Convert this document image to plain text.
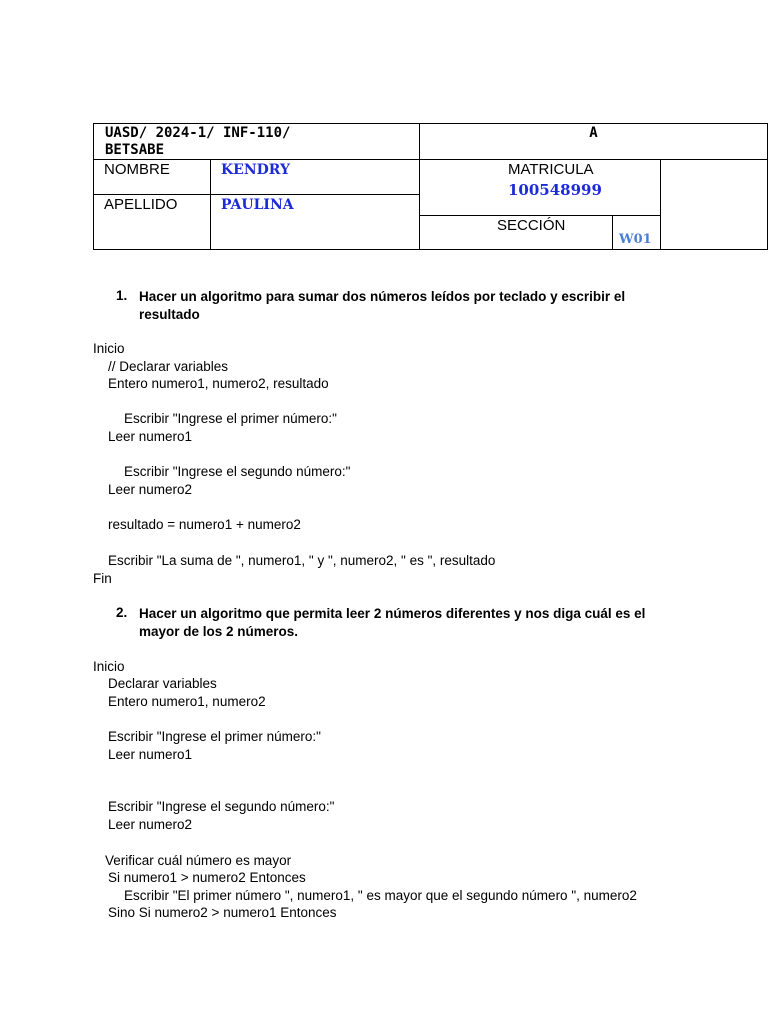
UASD/ 2024-1/ INF-110/
BETSABE
A
NOMBRE	KENDRY
APELLIDO	PAULINA
MATRICULA
100548999
SECCIÓN
W01
1. Hacer un algoritmo para sumar dos números leídos por teclado y escribir el resultado
Inicio
// Declarar variables
Entero numero1, numero2, resultado
Escribir "Ingrese el primer número:"
Leer numero1
Escribir "Ingrese el segundo número:"
Leer numero2
resultado = numero1 + numero2
Escribir "La suma de ", numero1, " y ", numero2, " es ", resultado
Fin
2. Hacer un algoritmo que permita leer 2 números diferentes y nos diga cuál es el mayor de los 2 números.
Inicio
Declarar variables
Entero numero1, numero2
Escribir "Ingrese el primer número:"
Leer numero1
Escribir "Ingrese el segundo número:"
Leer numero2
Verificar cuál número es mayor
Si numero1 > numero2 Entonces
Escribir "El primer número ", numero1, " es mayor que el segundo número ", numero2
Sino Si numero2 > numero1 Entonces
